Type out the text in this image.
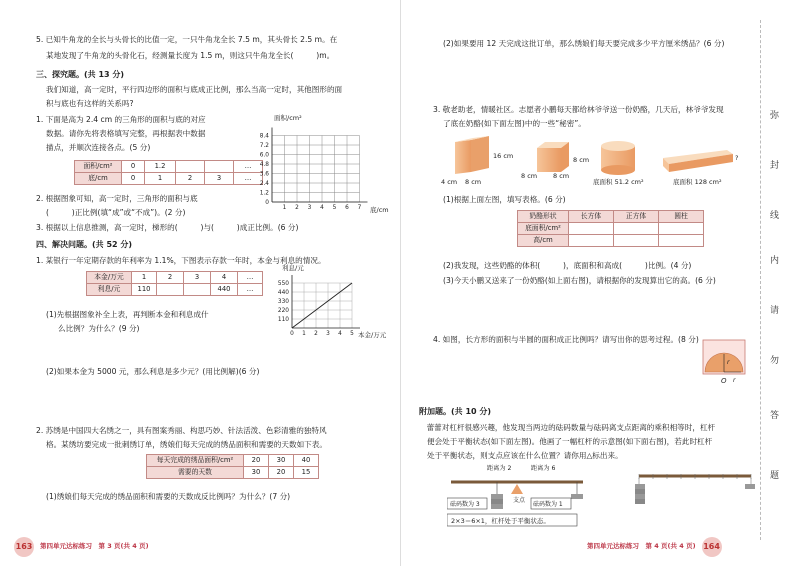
5. 已知牛角龙的全长与头骨长的比值一定，一只牛角龙全长 7.5 m，其头骨长 2.5 m。在
某地发现了牛角龙的头骨化石，经测量长度为 1.5 m，则这只牛角龙全长(　　　)m。
三、探究题。(共 13 分)
我们知道，高一定时，平行四边形的面积与底成正比例，那么当高一定时，其他图形的面
积与底也有这样的关系吗?
1. 下面是高为 2.4 cm 的三角形的面积与底的对应
数据。请你先将表格填写完整，再根据表中数据
描点，并顺次连接各点。(5 分)
面积/cm²	0	1.2			…
底/cm	0	1	2	3	…
8.4
7.2
6.0
4.8
3.6
2.4
1.2
0
1 2 3 4 5 6 7
面积/cm²
底/cm
2. 根据图象可知，高一定时，三角形的面积与底
(　　　)正比例(填“成”或“不成”)。(2 分)
3. 根据以上信息推测，高一定时，梯形的(　　　)与(　　　)成正比例。(6 分)
四、解决问题。(共 52 分)
1. 某银行一年定期存款的年利率为 1.1%，下图表示存款一年时，本金与利息的情况。
本金/万元	1	2	3	4	…
利息/元	110			440	…
550
440
330
220
110
0 1 2 3 4 5
利息/元
本金/万元
(1)先根据图象补全上表，再判断本金和利息成什
么比例？为什么？(9 分)
(2)如果本金为 5000 元，那么利息是多少元？(用比例解)(6 分)
2. 苏绣是中国四大名绣之一，具有图案秀丽、构思巧妙、针法活泼、色彩清雅的独特风
格。某绣坊要完成一批刺绣订单，绣娘们每天完成的绣品面积和需要的天数如下表。
每天完成的绣品面积/cm²	20	30	40
需要的天数	30	20	15
(1)绣娘们每天完成的绣品面积和需要的天数成反比例吗？为什么？(7 分)
163 第四单元达标练习　第 3 页(共 4 页)
(2)如果要用 12 天完成这批订单，那么绣娘们每天要完成多少平方厘米绣品？(6 分)
3. 敬老助老，情暖社区。志愿者小鹏每天都给林爷爷送一份奶酪，几天后，林爷爷发现
了底在奶酪(如下面左图)中的一些“秘密”。
16 cm
4 cm 8 cm
8 cm
8 cm 8 cm
底面积 51.2 cm²
?
底面积 128 cm²
(1)根据上面左图，填写表格。(6 分)
奶酪形状	长方体	正方体	圆柱
底面积/cm²			
高/cm			
(2)我发现，这些奶酪的体积(　　　)，底面积和高成(　　　)比例。(4 分)
(3)今天小鹏又送来了一份奶酪(如上面右图)，请根据你的发现算出它的高。(6 分)
4. 如图，长方形的面积与半圆的面积成正比例吗？请写出你的思考过程。(8 分)
O
r
r
附加题。(共 10 分)
　蕾蕾对杠杆很感兴趣，他发现当两边的砝码数量与砝码离支点距离的乘积相等时，杠杆
便会处于平衡状态(如下面左图)。他画了一幅杠杆的示意图(如下面右图)，若此时杠杆
处于平衡状态，则支点应该在什么位置？请你用△标出来。
距离为 2	距离为 6
砝码数为 3
支点
砝码数为 1
2×3＝6×1，杠杆处于平衡状态。
第四单元达标练习　第 4 页(共 4 页) 164
弥
封
线
内
请
勿
答
题
